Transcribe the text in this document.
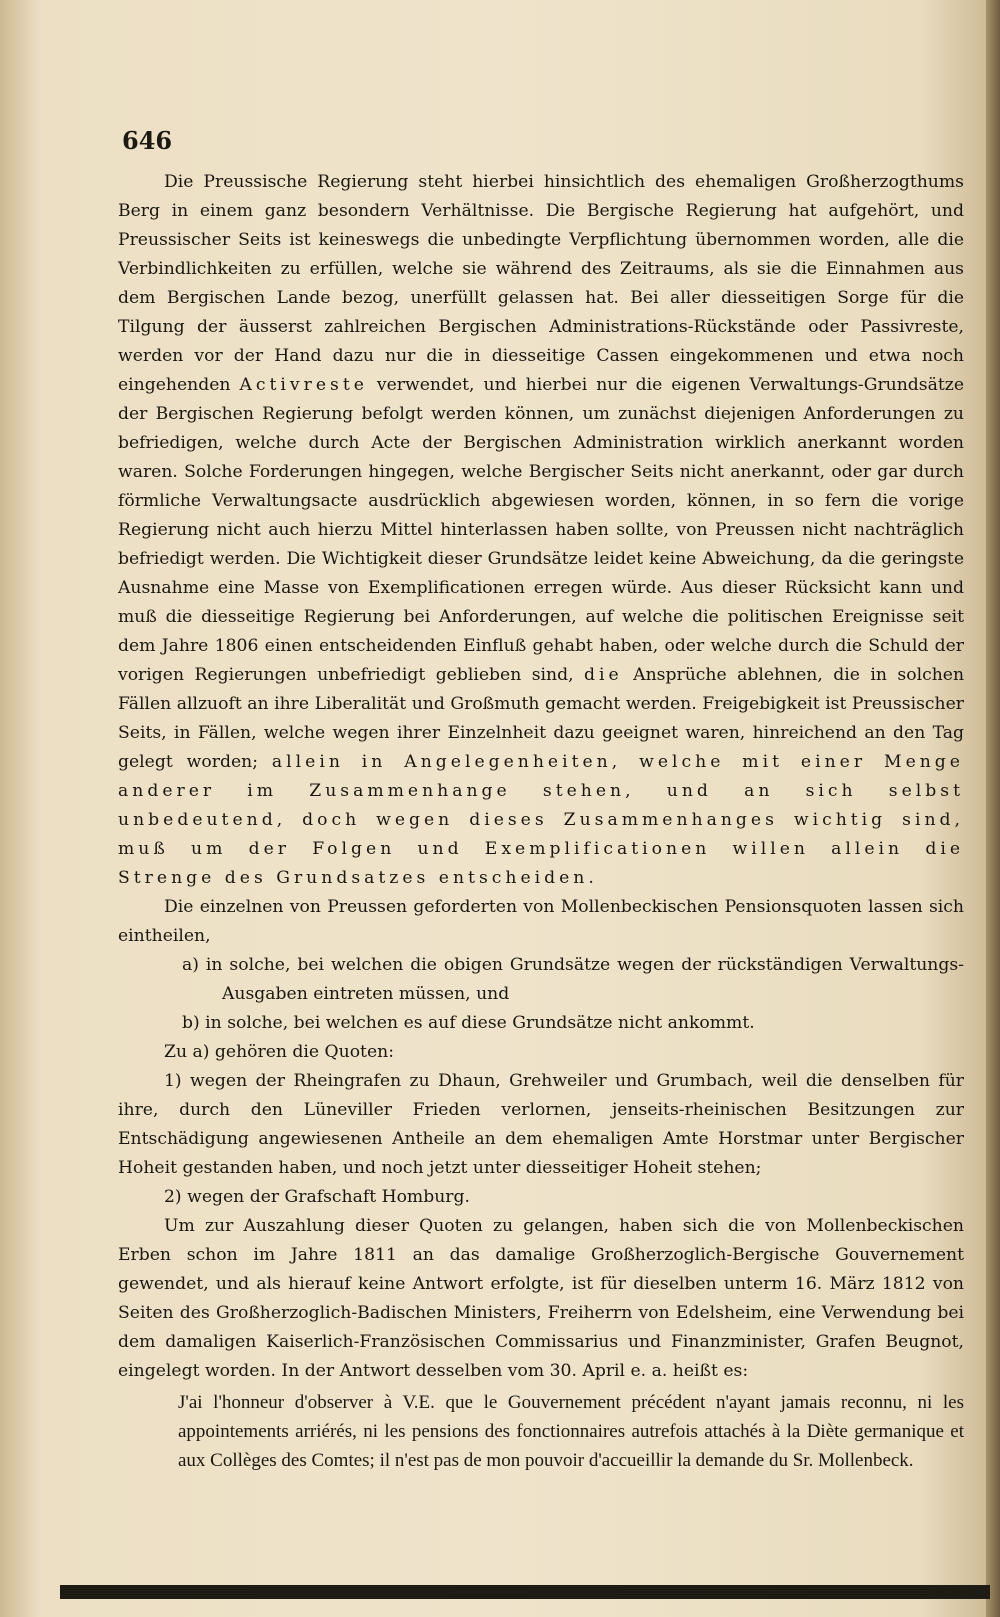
646

Die Preussische Regierung steht hierbei hinsichtlich des ehemaligen Großherzogthums Berg in einem ganz besondern Verhältnisse. Die Bergische Regierung hat aufgehört, und Preussischer Seits ist keineswegs die unbedingte Verpflichtung übernommen worden, alle die Verbindlichkeiten zu erfüllen, welche sie während des Zeitraums, als sie die Einnahmen aus dem Bergischen Lande bezog, unerfüllt gelassen hat. Bei aller diesseitigen Sorge für die Tilgung der äusserst zahlreichen Bergischen Administrations-Rückstände oder Passivreste, werden vor der Hand dazu nur die in diesseitige Cassen eingekommenen und etwa noch eingehenden Activreste verwendet, und hierbei nur die eigenen Verwaltungs-Grundsätze der Bergischen Regierung befolgt werden können, um zunächst diejenigen Anforderungen zu befriedigen, welche durch Acte der Bergischen Administration wirklich anerkannt worden waren. Solche Forderungen hingegen, welche Bergischer Seits nicht anerkannt, oder gar durch förmliche Verwaltungsacte ausdrücklich abgewiesen worden, können, in so fern die vorige Regierung nicht auch hierzu Mittel hinterlassen haben sollte, von Preussen nicht nachträglich befriedigt werden. Die Wichtigkeit dieser Grundsätze leidet keine Abweichung, da die geringste Ausnahme eine Masse von Exemplificationen erregen würde. Aus dieser Rücksicht kann und muß die diesseitige Regierung bei Anforderungen, auf welche die politischen Ereignisse seit dem Jahre 1806 einen entscheidenden Einfluß gehabt haben, oder welche durch die Schuld der vorigen Regierungen unbefriedigt geblieben sind, die Ansprüche ablehnen, die in solchen Fällen allzuoft an ihre Liberalität und Großmuth gemacht werden. Freigebigkeit ist Preussischer Seits, in Fällen, welche wegen ihrer Einzelnheit dazu geeignet waren, hinreichend an den Tag gelegt worden; allein in Angelegenheiten, welche mit einer Menge anderer im Zusammenhange stehen, und an sich selbst unbedeutend, doch wegen dieses Zusammenhanges wichtig sind, muß um der Folgen und Exemplificationen willen allein die Strenge des Grundsatzes entscheiden.

Die einzelnen von Preussen geforderten von Mollenbeckischen Pensionsquoten lassen sich eintheilen,

a) in solche, bei welchen die obigen Grundsätze wegen der rückständigen Verwaltungs-Ausgaben eintreten müssen, und

b) in solche, bei welchen es auf diese Grundsätze nicht ankommt.

Zu a) gehören die Quoten:

1) wegen der Rheingrafen zu Dhaun, Grehweiler und Grumbach, weil die denselben für ihre, durch den Lüneviller Frieden verlornen, jenseits-rheinischen Besitzungen zur Entschädigung angewiesenen Antheile an dem ehemaligen Amte Horstmar unter Bergischer Hoheit gestanden haben, und noch jetzt unter diesseitiger Hoheit stehen;

2) wegen der Grafschaft Homburg.

Um zur Auszahlung dieser Quoten zu gelangen, haben sich die von Mollenbeckischen Erben schon im Jahre 1811 an das damalige Großherzoglich-Bergische Gouvernement gewendet, und als hierauf keine Antwort erfolgte, ist für dieselben unterm 16. März 1812 von Seiten des Großherzoglich-Badischen Ministers, Freiherrn von Edelsheim, eine Verwendung bei dem damaligen Kaiserlich-Französischen Commissarius und Finanzminister, Grafen Beugnot, eingelegt worden. In der Antwort desselben vom 30. April e. a. heißt es:

J'ai l'honneur d'observer à V.E. que le Gouvernement précédent n'ayant jamais reconnu, ni les appointements arriérés, ni les pensions des fonctionnaires autrefois attachés à la Diète germanique et aux Collèges des Comtes; il n'est pas de mon pouvoir d'accueillir la demande du Sr. Mollenbeck.
